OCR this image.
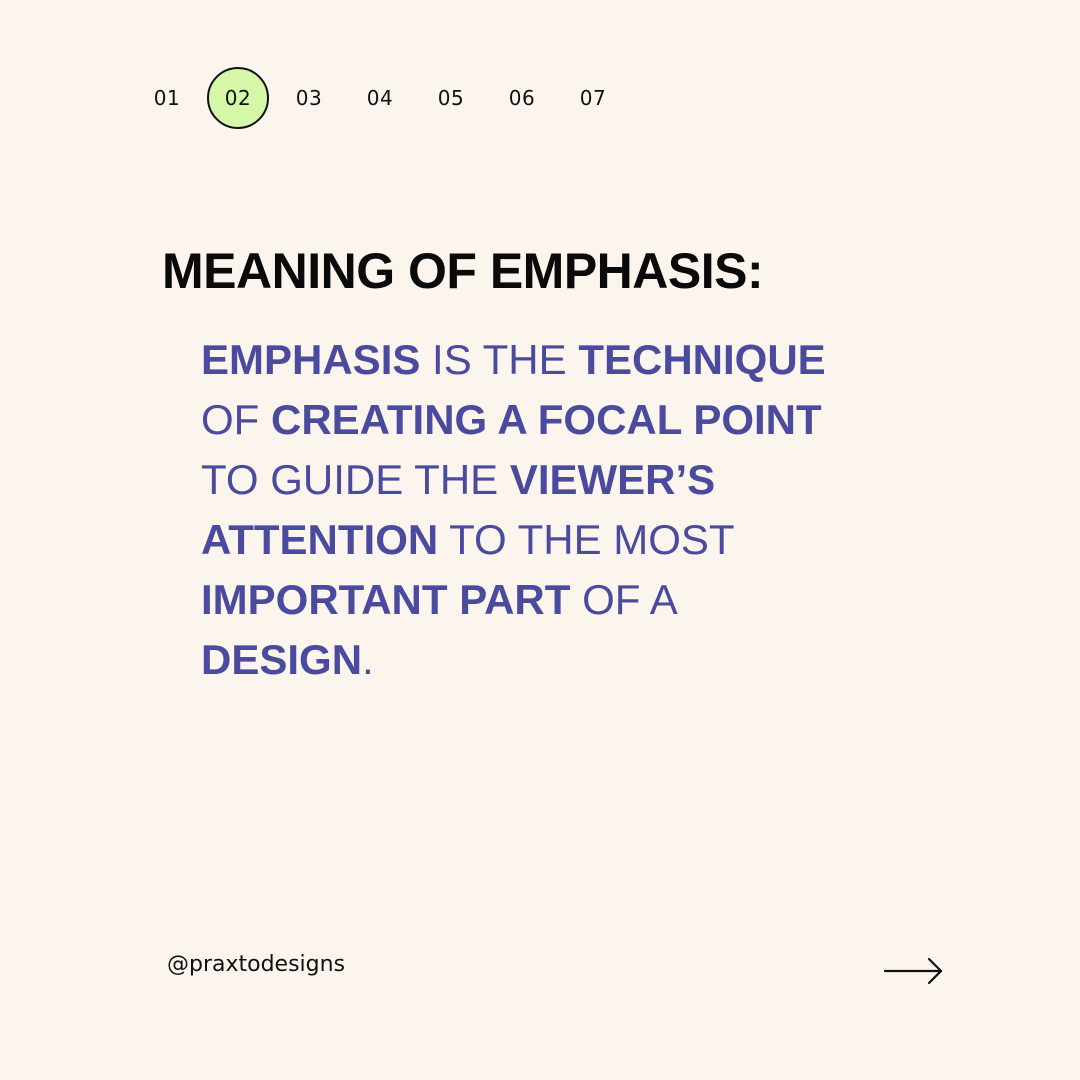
01	02	03	04	05	06	07
MEANING OF EMPHASIS:

EMPHASIS IS THE TECHNIQUE
OF CREATING A FOCAL POINT
TO GUIDE THE VIEWER’S
ATTENTION TO THE MOST
IMPORTANT PART OF A
DESIGN.

@praxtodesigns
